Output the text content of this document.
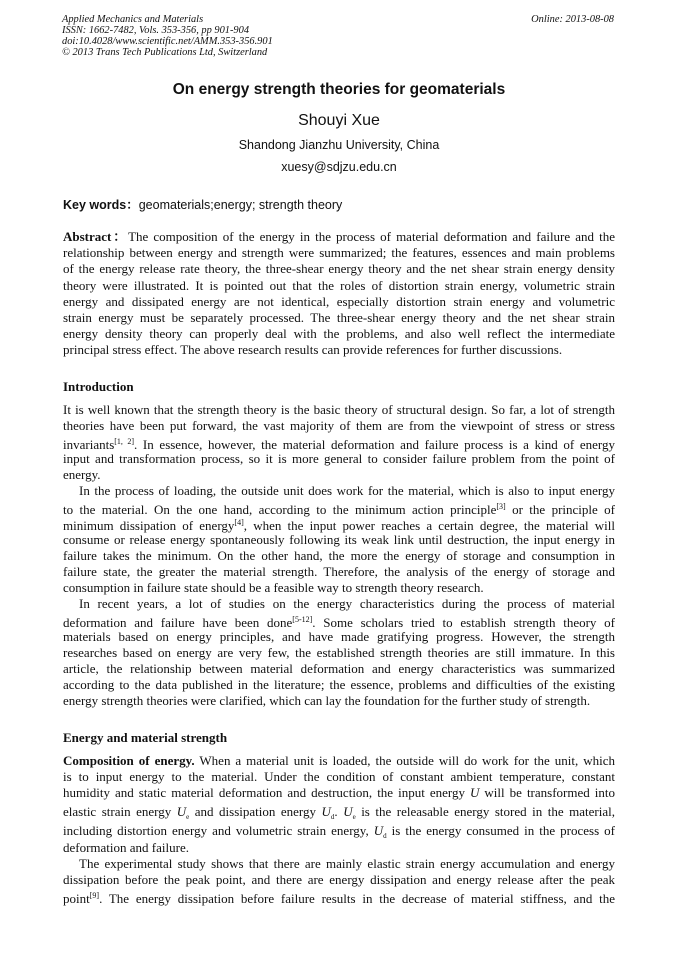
Applied Mechanics and Materials
ISSN: 1662-7482, Vols. 353-356, pp 901-904
doi:10.4028/www.scientific.net/AMM.353-356.901
© 2013 Trans Tech Publications Ltd, Switzerland
Online: 2013-08-08
On energy strength theories for geomaterials
Shouyi Xue
Shandong Jianzhu University, China
xuesy@sdjzu.edu.cn
Key words：geomaterials;energy; strength theory
Abstract：The composition of the energy in the process of material deformation and failure and the
relationship between energy and strength were summarized; the features, essences and main problems
of the energy release rate theory, the three-shear energy theory and the net shear strain energy density
theory were illustrated. It is pointed out that the roles of distortion strain energy, volumetric strain
energy and dissipated energy are not identical, especially distortion strain energy and volumetric
strain energy must be separately processed. The three-shear energy theory and the net shear strain
energy density theory can properly deal with the problems, and also well reflect the intermediate
principal stress effect. The above research results can provide references for further discussions.
Introduction
It is well known that the strength theory is the basic theory of structural design. So far, a lot of strength
theories have been put forward, the vast majority of them are from the viewpoint of stress or stress
invariants[1, 2]. In essence, however, the material deformation and failure process is a kind of energy
input and transformation process, so it is more general to consider failure problem from the point of
energy.
In the process of loading, the outside unit does work for the material, which is also to input energy
to the material. On the one hand, according to the minimum action principle[3] or the principle of
minimum dissipation of energy[4], when the input power reaches a certain degree, the material will
consume or release energy spontaneously following its weak link until destruction, the input energy in
failure takes the minimum. On the other hand, the more the energy of storage and consumption in
failure state, the greater the material strength. Therefore, the analysis of the energy of storage and
consumption in failure state should be a feasible way to strength theory research.
In recent years, a lot of studies on the energy characteristics during the process of material
deformation and failure have been done[5-12]. Some scholars tried to establish strength theory of
materials based on energy principles, and have made gratifying progress. However, the strength
researches based on energy are very few, the established strength theories are still immature. In this
article, the relationship between material deformation and energy characteristics was summarized
according to the data published in the literature; the essence, problems and difficulties of the existing
energy strength theories were clarified, which can lay the foundation for the further study of strength.
Energy and material strength
Composition of energy. When a material unit is loaded, the outside will do work for the unit, which
is to input energy to the material. Under the condition of constant ambient temperature, constant
humidity and static material deformation and destruction, the input energy U will be transformed into
elastic strain energy $U_e$ and dissipation energy $U_d$. $U_e$ is the releasable energy stored in the material,
including distortion energy and volumetric strain energy, $U_d$ is the energy consumed in the process of
deformation and failure.
The experimental study shows that there are mainly elastic strain energy accumulation and energy
dissipation before the peak point, and there are energy dissipation and energy release after the peak
point[9]. The energy dissipation before failure results in the decrease of material stiffness, and the
